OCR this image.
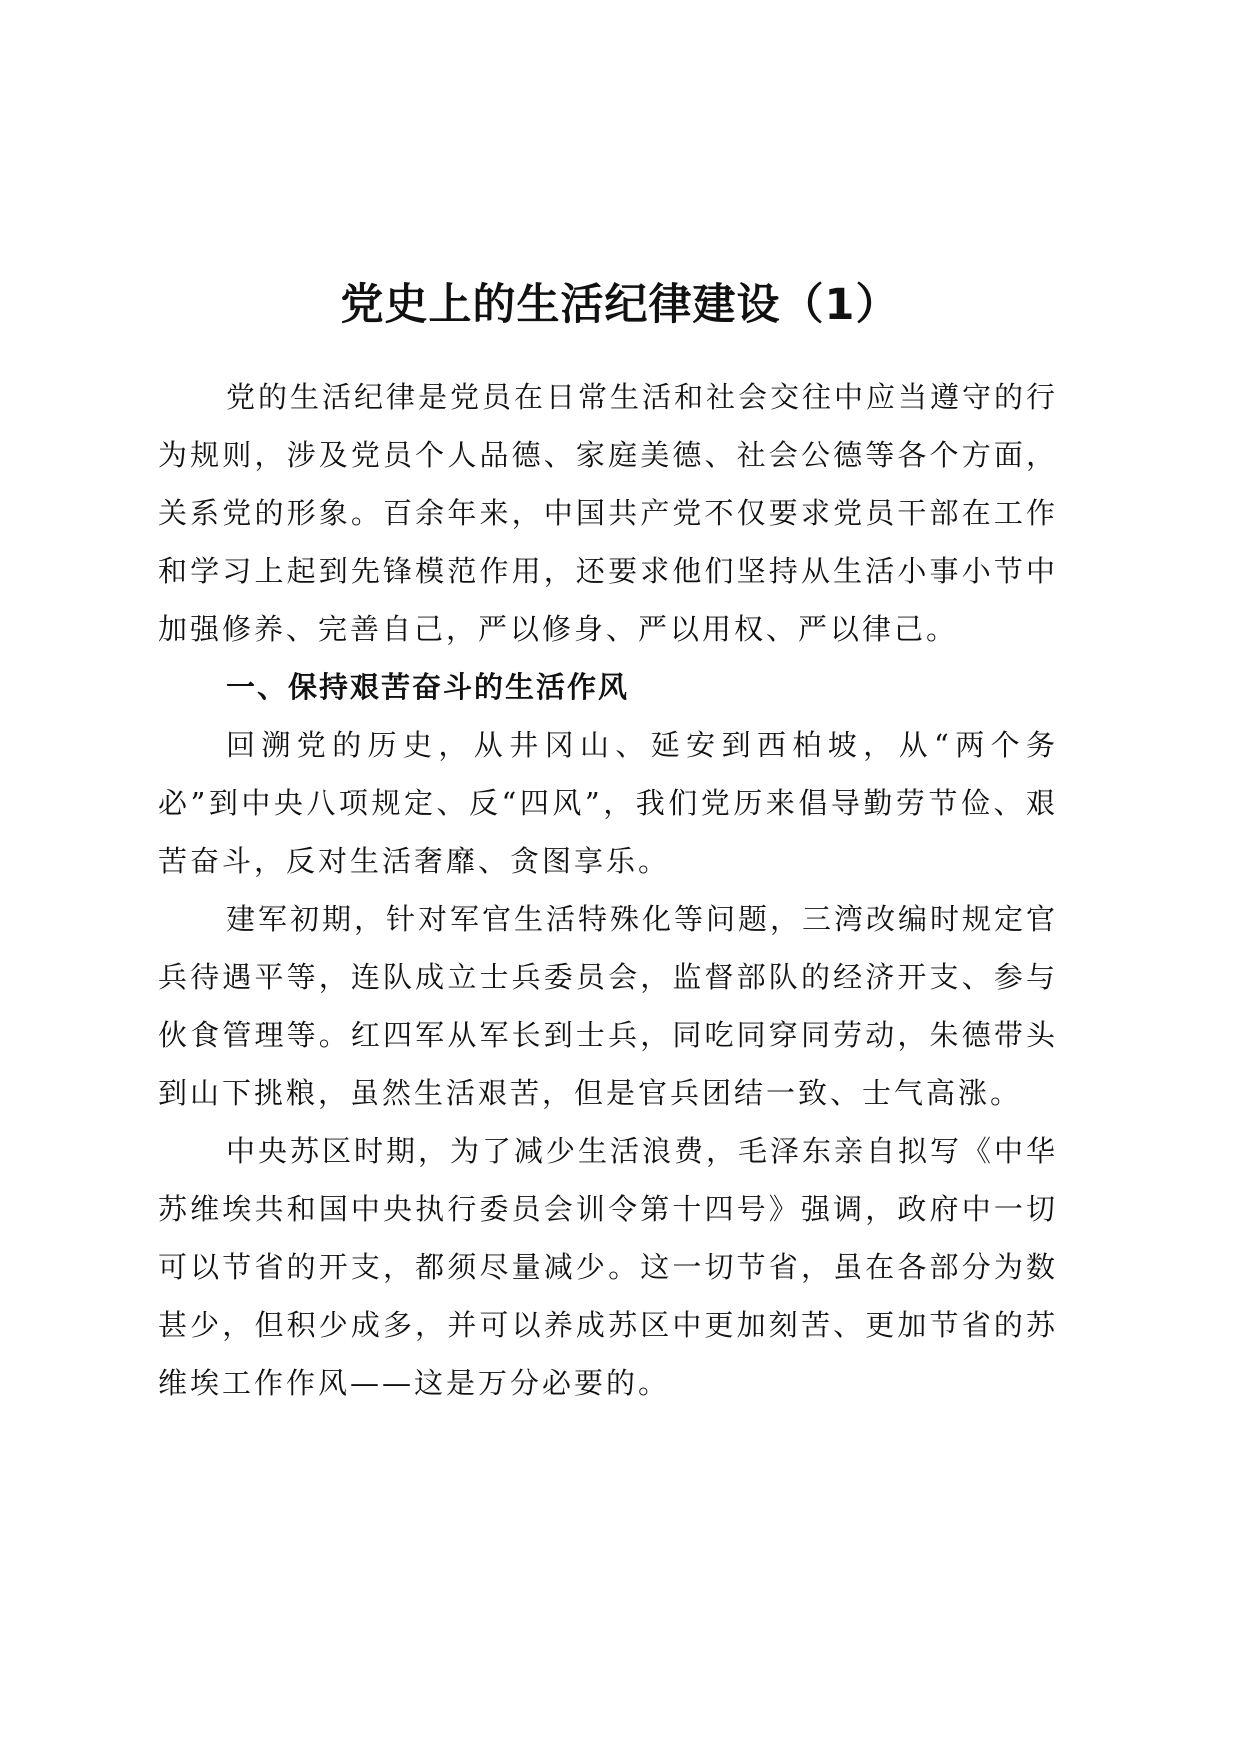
党史上的生活纪律建设（1）

党的生活纪律是党员在日常生活和社会交往中应当遵守的行为规则，涉及党员个人品德、家庭美德、社会公德等各个方面，关系党的形象。百余年来，中国共产党不仅要求党员干部在工作和学习上起到先锋模范作用，还要求他们坚持从生活小事小节中加强修养、完善自己，严以修身、严以用权、严以律己。

一、保持艰苦奋斗的生活作风

回溯党的历史，从井冈山、延安到西柏坡，从“两个务必”到中央八项规定、反“四风”，我们党历来倡导勤劳节俭、艰苦奋斗，反对生活奢靡、贪图享乐。

建军初期，针对军官生活特殊化等问题，三湾改编时规定官兵待遇平等，连队成立士兵委员会，监督部队的经济开支、参与伙食管理等。红四军从军长到士兵，同吃同穿同劳动，朱德带头到山下挑粮，虽然生活艰苦，但是官兵团结一致、士气高涨。

中央苏区时期，为了减少生活浪费，毛泽东亲自拟写《中华苏维埃共和国中央执行委员会训令第十四号》强调，政府中一切可以节省的开支，都须尽量减少。这一切节省，虽在各部分为数甚少，但积少成多，并可以养成苏区中更加刻苦、更加节省的苏维埃工作作风——这是万分必要的。
